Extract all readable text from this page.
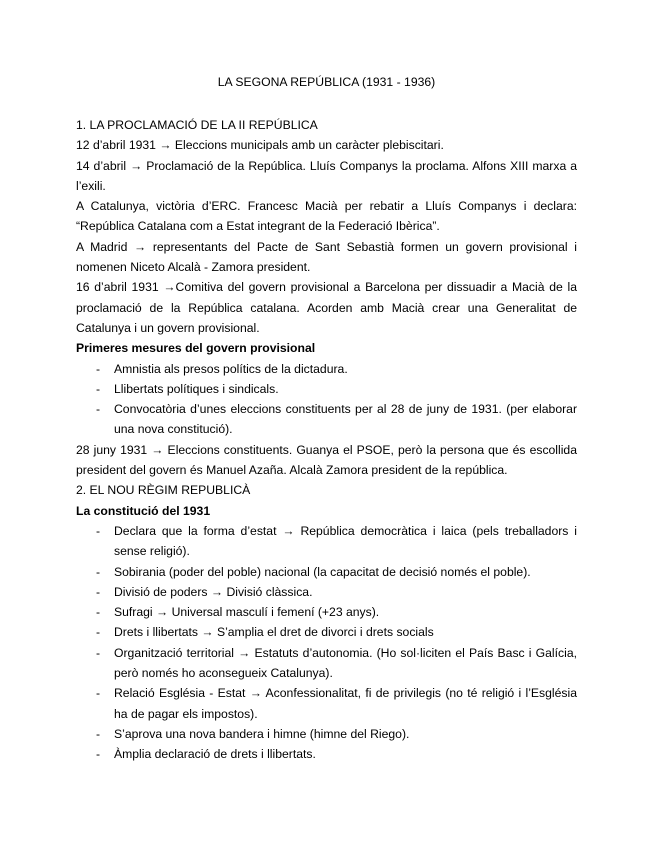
LA SEGONA REPÚBLICA (1931 - 1936)

1. LA PROCLAMACIÓ DE LA II REPÚBLICA

12 d’abril 1931 → Eleccions municipals amb un caràcter plebiscitari.

14 d’abril → Proclamació de la República. Lluís Companys la proclama. Alfons XIII marxa a l’exili.

A Catalunya, victòria d’ERC. Francesc Macià per rebatir a Lluís Companys i declara: “República Catalana com a Estat integrant de la Federació Ibèrica”.

A Madrid → representants del Pacte de Sant Sebastià formen un govern provisional i nomenen Niceto Alcalà - Zamora president.

16 d’abril 1931 →Comitiva del govern provisional a Barcelona per dissuadir a Macià de la proclamació de la República catalana. Acorden amb Macià crear una Generalitat de Catalunya i un govern provisional.

Primeres mesures del govern provisional

- Amnistia als presos polítics de la dictadura.
- Llibertats polítiques i sindicals.
- Convocatòria d’unes eleccions constituents per al 28 de juny de 1931. (per elaborar una nova constitució).

28 juny 1931 → Eleccions constituents. Guanya el PSOE, però la persona que és escollida president del govern és Manuel Azaña. Alcalà Zamora president de la república.

2. EL NOU RÈGIM REPUBLICÀ

La constitució del 1931

- Declara que la forma d’estat → República democràtica i laica (pels treballadors i sense religió).
- Sobirania (poder del poble) nacional (la capacitat de decisió només el poble).
- Divisió de poders → Divisió clàssica.
- Sufragi → Universal masculí i femení (+23 anys).
- Drets i llibertats → S’amplia el dret de divorci i drets socials
- Organització territorial → Estatuts d’autonomia. (Ho sol·liciten el País Basc i Galícia, però només ho aconsegueix Catalunya).
- Relació Església - Estat → Aconfessionalitat, fi de privilegis (no té religió i l’Església ha de pagar els impostos).
- S’aprova una nova bandera i himne (himne del Riego).
- Àmplia declaració de drets i llibertats.
